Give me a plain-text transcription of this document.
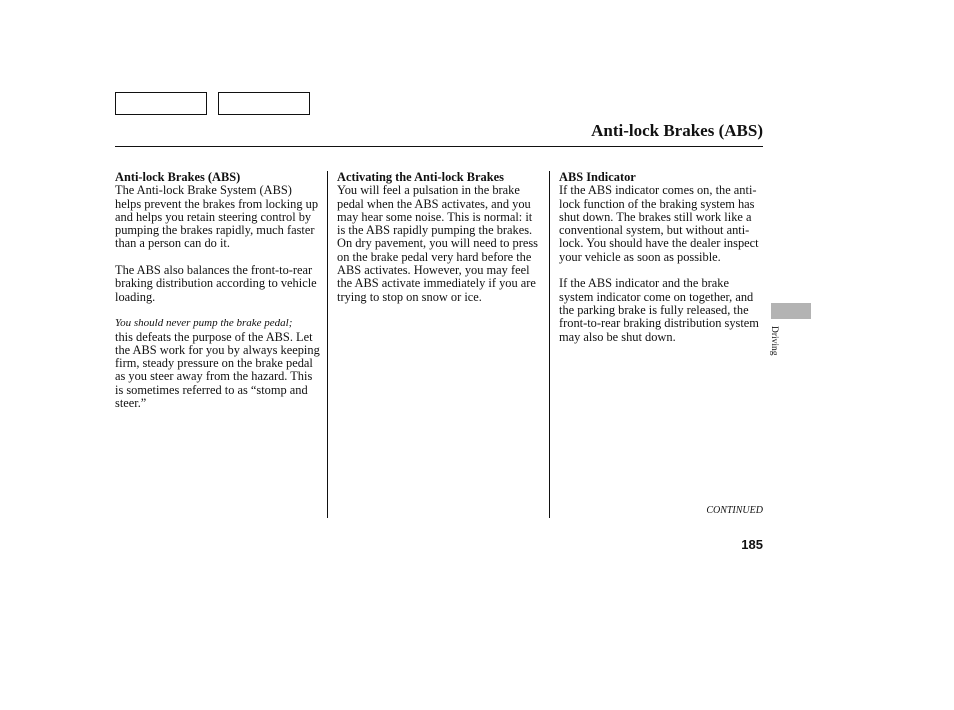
Anti-lock Brakes (ABS)
Anti-lock Brakes (ABS)

The Anti-lock Brake System (ABS) helps prevent the brakes from locking up and helps you retain steering control by pumping the brakes rapidly, much faster than a person can do it.

The ABS also balances the front-to-rear braking distribution according to vehicle loading.

You should never pump the brake pedal;

this defeats the purpose of the ABS. Let the ABS work for you by always keeping firm, steady pressure on the brake pedal as you steer away from the hazard. This is sometimes referred to as “stomp and steer.”

Activating the Anti-lock Brakes

You will feel a pulsation in the brake pedal when the ABS activates, and you may hear some noise. This is normal: it is the ABS rapidly pumping the brakes. On dry pavement, you will need to press on the brake pedal very hard before the ABS activates. However, you may feel the ABS activate immediately if you are trying to stop on snow or ice.

ABS Indicator

If the ABS indicator comes on, the anti-lock function of the braking system has shut down. The brakes still work like a conventional system, but without anti-lock. You should have the dealer inspect your vehicle as soon as possible.

If the ABS indicator and the brake system indicator come on together, and the parking brake is fully released, the front-to-rear braking distribution system may also be shut down.	Driving
CONTINUED
185
